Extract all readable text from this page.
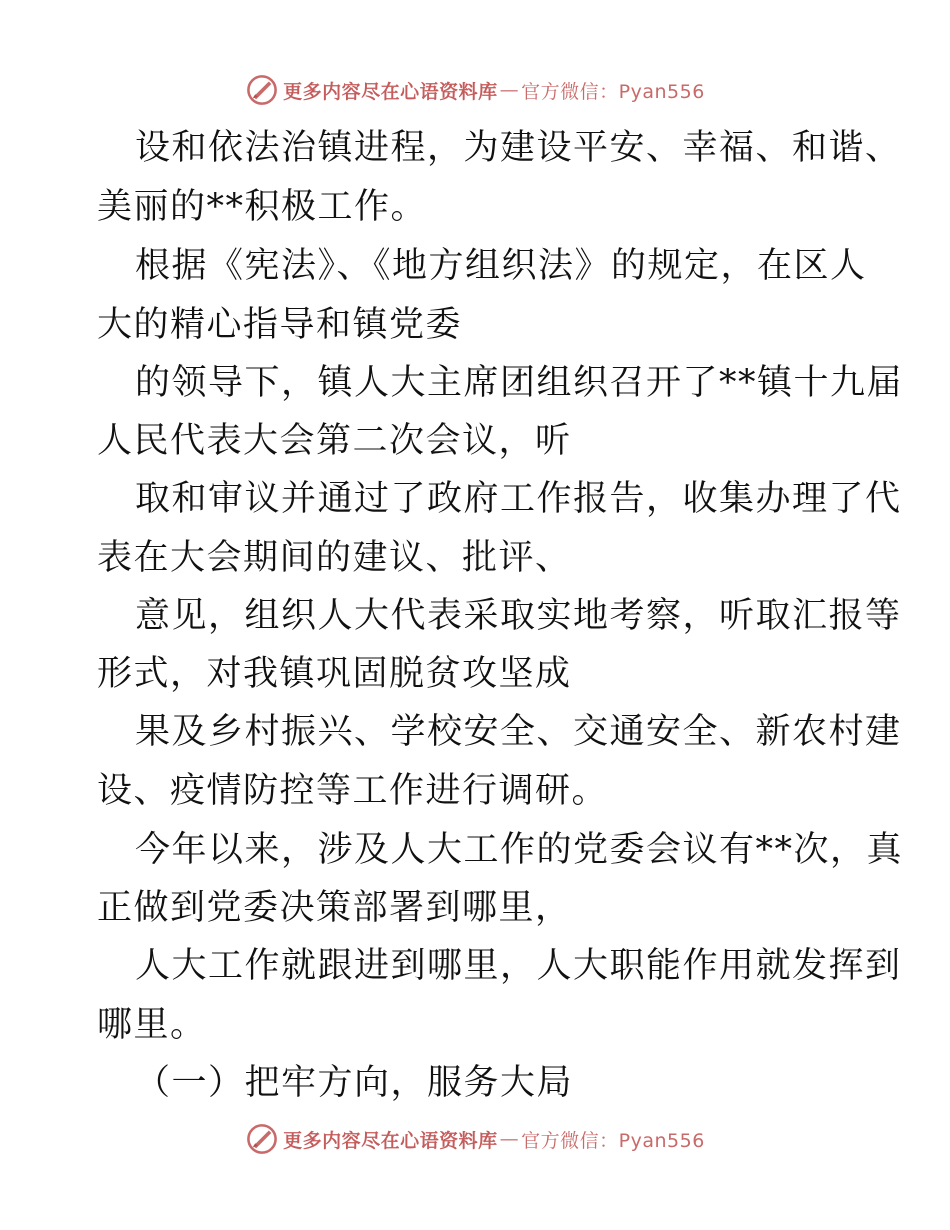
更多内容尽在心语资料库 — 官方微信：Pyan556
设和依法治镇进程，为建设平安、幸福、和谐、
美丽的**积极工作。
根据《宪法》、《地方组织法》的规定，在区人
大的精心指导和镇党委
的领导下，镇人大主席团组织召开了**镇十九届
人民代表大会第二次会议，听
取和审议并通过了政府工作报告，收集办理了代
表在大会期间的建议、批评、
意见，组织人大代表采取实地考察，听取汇报等
形式，对我镇巩固脱贫攻坚成
果及乡村振兴、学校安全、交通安全、新农村建
设、疫情防控等工作进行调研。
今年以来，涉及人大工作的党委会议有**次，真
正做到党委决策部署到哪里，
人大工作就跟进到哪里，人大职能作用就发挥到
哪里。
（一）把牢方向，服务大局
更多内容尽在心语资料库 — 官方微信：Pyan556
